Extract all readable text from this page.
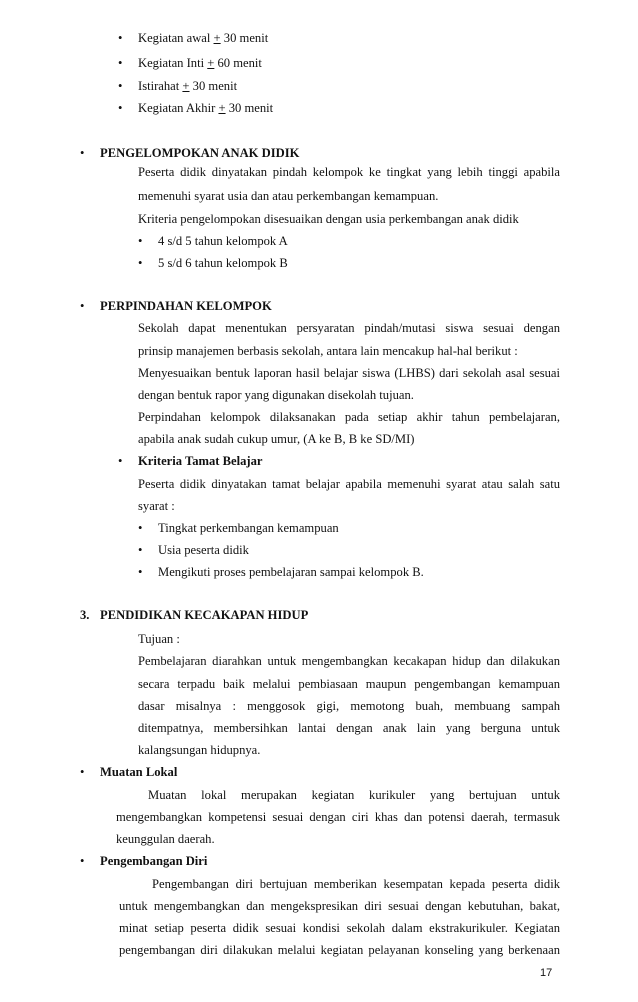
• Kegiatan awal + 30 menit
• Kegiatan Inti + 60 menit
• Istirahat + 30 menit
• Kegiatan Akhir + 30 menit
• PENGELOMPOKAN ANAK DIDIK
Peserta didik dinyatakan pindah kelompok ke tingkat yang lebih tinggi apabila
memenuhi syarat usia dan atau perkembangan kemampuan.
Kriteria pengelompokan disesuaikan dengan usia perkembangan anak didik
• 4 s/d 5 tahun kelompok A
• 5 s/d 6 tahun kelompok B
• PERPINDAHAN KELOMPOK
Sekolah dapat menentukan persyaratan pindah/mutasi siswa sesuai dengan
prinsip manajemen berbasis sekolah, antara lain mencakup hal-hal berikut :
Menyesuaikan bentuk laporan hasil belajar siswa (LHBS) dari sekolah asal sesuai
dengan bentuk rapor yang digunakan disekolah tujuan.
Perpindahan kelompok dilaksanakan pada setiap akhir tahun pembelajaran,
apabila anak sudah cukup umur, (A ke B, B ke SD/MI)
• Kriteria Tamat Belajar
Peserta didik dinyatakan tamat belajar apabila memenuhi syarat atau salah satu
syarat :
• Tingkat perkembangan kemampuan
• Usia peserta didik
• Mengikuti proses pembelajaran sampai kelompok B.
3. PENDIDIKAN KECAKAPAN HIDUP
Tujuan :
Pembelajaran diarahkan untuk mengembangkan kecakapan hidup dan dilakukan
secara terpadu baik melalui pembiasaan maupun pengembangan kemampuan
dasar misalnya : menggosok gigi, memotong buah, membuang sampah
ditempatnya, membersihkan lantai dengan anak lain yang berguna untuk
kalangsungan hidupnya.
• Muatan Lokal
Muatan lokal merupakan kegiatan kurikuler yang bertujuan untuk
mengembangkan kompetensi sesuai dengan ciri khas dan potensi daerah, termasuk
keunggulan daerah.
• Pengembangan Diri
Pengembangan diri bertujuan memberikan kesempatan kepada peserta didik
untuk mengembangkan dan mengekspresikan diri sesuai dengan kebutuhan, bakat,
minat setiap peserta didik sesuai kondisi sekolah dalam ekstrakurikuler. Kegiatan
pengembangan diri dilakukan melalui kegiatan pelayanan konseling yang berkenaan
17
